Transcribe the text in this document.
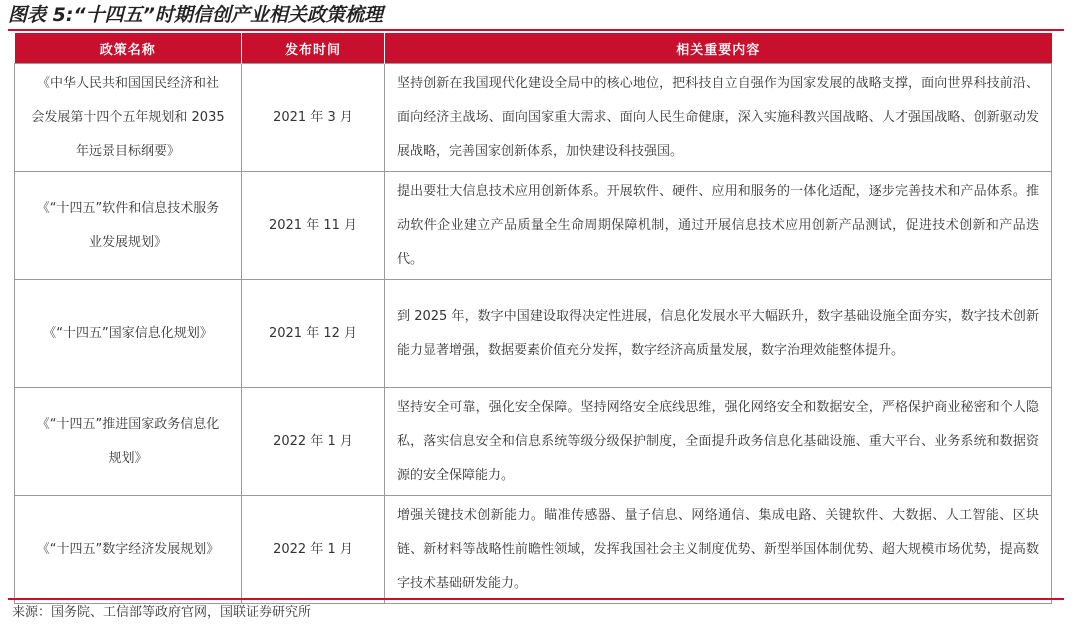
图表 5:“十四五”时期信创产业相关政策梳理
政策名称	发布时间	相关重要内容
《中华人民共和国国民经济和社会发展第十四个五年规划和 2035 年远景目标纲要》	2021 年 3 月	坚持创新在我国现代化建设全局中的核心地位，把科技自立自强作为国家发展的战略支撑，面向世界科技前沿、面向经济主战场、面向国家重大需求、面向人民生命健康，深入实施科教兴国战略、人才强国战略、创新驱动发展战略，完善国家创新体系，加快建设科技强国。
《“十四五”软件和信息技术服务业发展规划》	2021 年 11 月	提出要壮大信息技术应用创新体系。开展软件、硬件、应用和服务的一体化适配，逐步完善技术和产品体系。推动软件企业建立产品质量全生命周期保障机制，通过开展信息技术应用创新产品测试，促进技术创新和产品迭代。
《“十四五”国家信息化规划》	2021 年 12 月	到 2025 年，数字中国建设取得决定性进展，信息化发展水平大幅跃升，数字基础设施全面夯实，数字技术创新能力显著增强，数据要素价值充分发挥，数字经济高质量发展，数字治理效能整体提升。
《“十四五”推进国家政务信息化规划》	2022 年 1 月	坚持安全可靠，强化安全保障。坚持网络安全底线思维，强化网络安全和数据安全，严格保护商业秘密和个人隐私，落实信息安全和信息系统等级分级保护制度，全面提升政务信息化基础设施、重大平台、业务系统和数据资源的安全保障能力。
《“十四五”数字经济发展规划》	2022 年 1 月	增强关键技术创新能力。瞄准传感器、量子信息、网络通信、集成电路、关键软件、大数据、人工智能、区块链、新材料等战略性前瞻性领域，发挥我国社会主义制度优势、新型举国体制优势、超大规模市场优势，提高数字技术基础研发能力。
来源：国务院、工信部等政府官网，国联证券研究所
